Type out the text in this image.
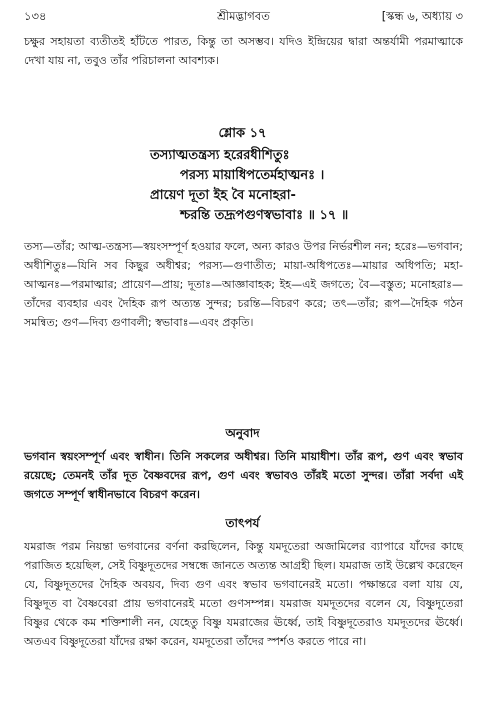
১৩৪	শ্রীমদ্ভাগবত	[স্কন্ধ ৬, অধ্যায় ৩

চক্ষুর সহায়তা ব্যতীতই হাঁটতে পারত, কিন্তু তা অসম্ভব। যদিও ইন্দ্রিয়ের দ্বারা অন্তর্যামী পরমাত্মাকে দেখা যায় না, তবুও তাঁর পরিচালনা আবশ্যক।

শ্লোক ১৭
তস্যাত্মতন্ত্রস্য হরেরধীশিতুঃ
পরস্য মায়াধিপতের্মহাত্মনঃ ।
প্রায়েণ দূতা ইহ বৈ মনোহরা-
শ্চরন্তি তদ্রূপগুণস্বভাবাঃ ॥ ১৭ ॥

তস্য—তাঁর; আত্ম-তন্ত্রস্য—স্বয়ংসম্পূর্ণ হওয়ার ফলে, অন্য কারও উপর নির্ভরশীল নন; হরেঃ—ভগবান; অধীশিতুঃ—যিনি সব কিছুর অধীশ্বর; পরস্য—গুণাতীত; মায়া-অধিপতেঃ—মায়ার অধিপতি; মহা-আত্মনঃ—পরমাত্মার; প্রায়েণ—প্রায়; দূতাঃ—আজ্ঞাবাহক; ইহ—এই জগতে; বৈ—বস্তুত; মনোহরাঃ—তাঁদের ব্যবহার এবং দৈহিক রূপ অত্যন্ত সুন্দর; চরন্তি—বিচরণ করে; তৎ—তাঁর; রূপ—দৈহিক গঠন সমন্বিত; গুণ—দিব্য গুণাবলী; স্বভাবাঃ—এবং প্রকৃতি।

অনুবাদ

ভগবান স্বয়ংসম্পূর্ণ এবং স্বাধীন। তিনি সকলের অধীশ্বর। তিনি মায়াধীশ। তাঁর রূপ, গুণ এবং স্বভাব রয়েছে; তেমনই তাঁর দূত বৈষ্ণবদের রূপ, গুণ এবং স্বভাবও তাঁরই মতো সুন্দর। তাঁরা সর্বদা এই জগতে সম্পূর্ণ স্বাধীনভাবে বিচরণ করেন।

তাৎপর্য

যমরাজ পরম নিয়ন্তা ভগবানের বর্ণনা করছিলেন, কিন্তু যমদূতেরা অজামিলের ব্যাপারে যাঁদের কাছে পরাজিত হয়েছিল, সেই বিষ্ণুদূতদের সম্বন্ধে জানতে অত্যন্ত আগ্রহী ছিল। যমরাজ তাই উল্লেখ করেছেন যে, বিষ্ণুদূতদের দৈহিক অবয়ব, দিব্য গুণ এবং স্বভাব ভগবানেরই মতো। পক্ষান্তরে বলা যায় যে, বিষ্ণুদূত বা বৈষ্ণবেরা প্রায় ভগবানেরই মতো গুণসম্পন্ন। যমরাজ যমদূতদের বলেন যে, বিষ্ণুদূতেরা বিষ্ণুর থেকে কম শক্তিশালী নন, যেহেতু বিষ্ণু যমরাজের ঊর্ধ্বে, তাই বিষ্ণুদূতেরাও যমদূতদের ঊর্ধ্বে। অতএব বিষ্ণুদূতেরা যাঁদের রক্ষা করেন, যমদূতেরা তাঁদের স্পর্শও করতে পারে না।
